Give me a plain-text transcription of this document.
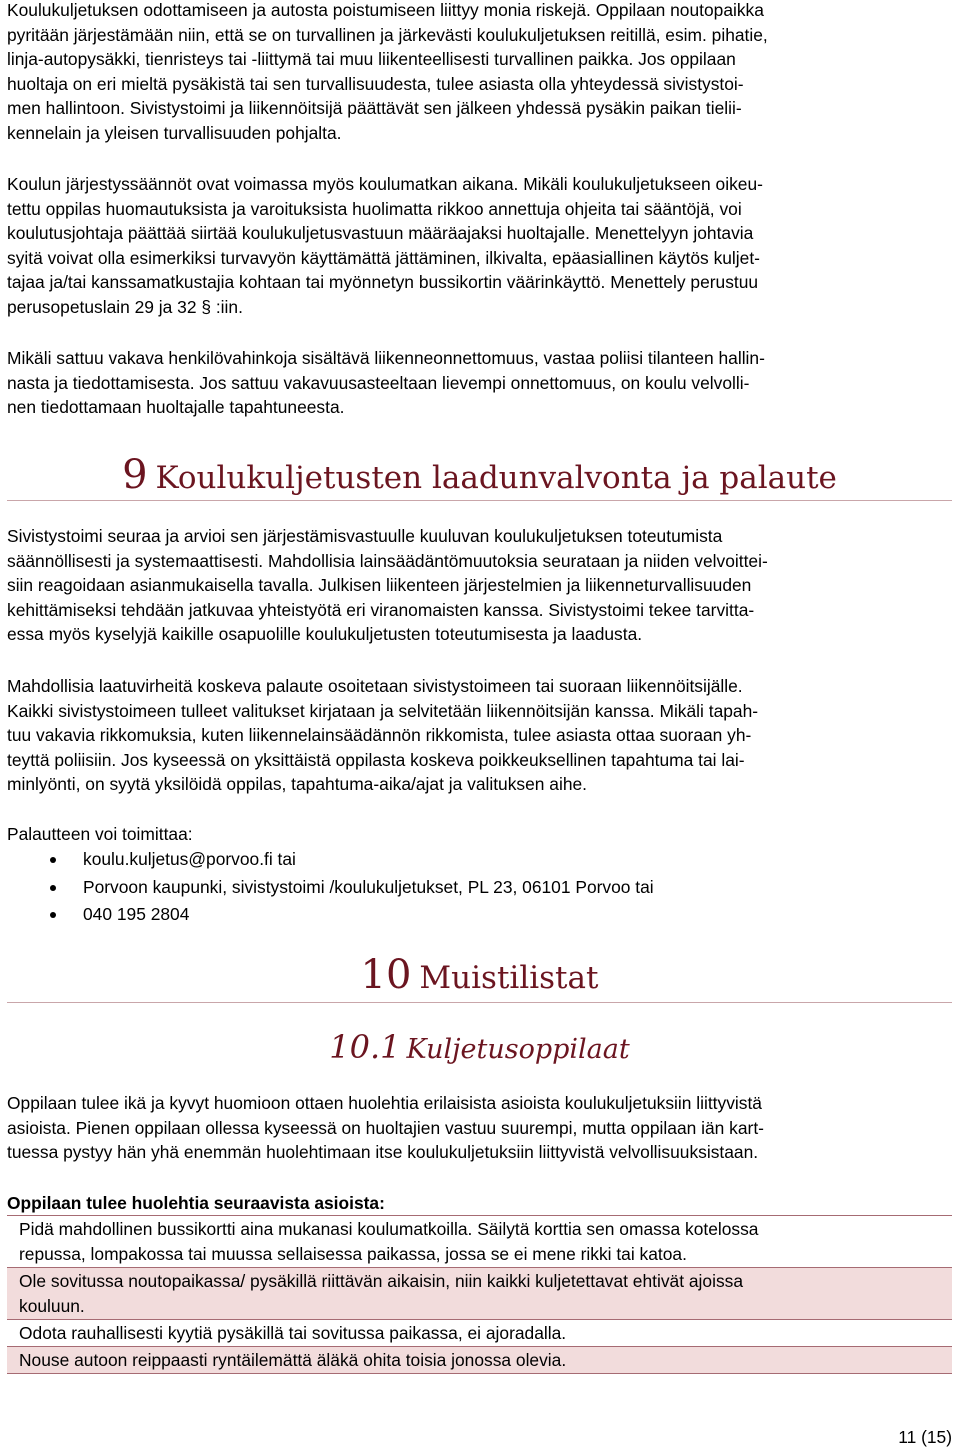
Koulukuljetuksen odottamiseen ja autosta poistumiseen liittyy monia riskejä. Oppilaan noutopaikka
pyritään järjestämään niin, että se on turvallinen ja järkevästi koulukuljetuksen reitillä, esim. pihatie,
linja-autopysäkki, tienristeys tai -liittymä tai muu liikenteellisesti turvallinen paikka. Jos oppilaan
huoltaja on eri mieltä pysäkistä tai sen turvallisuudesta, tulee asiasta olla yhteydessä sivistystoi-
men hallintoon. Sivistystoimi ja liikennöitsijä päättävät sen jälkeen yhdessä pysäkin paikan tielii-
kennelain ja yleisen turvallisuuden pohjalta.
Koulun järjestyssäännöt ovat voimassa myös koulumatkan aikana. Mikäli koulukuljetukseen oikeu-
tettu oppilas huomautuksista ja varoituksista huolimatta rikkoo annettuja ohjeita tai sääntöjä, voi
koulutusjohtaja päättää siirtää koulukuljetusvastuun määräajaksi huoltajalle. Menettelyyn johtavia
syitä voivat olla esimerkiksi turvavyön käyttämättä jättäminen, ilkivalta, epäasiallinen käytös kuljet-
tajaa ja/tai kanssamatkustajia kohtaan tai myönnetyn bussikortin väärinkäyttö. Menettely perustuu
perusopetuslain 29 ja 32 § :iin.
Mikäli sattuu vakava henkilövahinkoja sisältävä liikenneonnettomuus, vastaa poliisi tilanteen hallin-
nasta ja tiedottamisesta. Jos sattuu vakavuusasteeltaan lievempi onnettomuus, on koulu velvolli-
nen tiedottamaan huoltajalle tapahtuneesta.
9 Koulukuljetusten laadunvalvonta ja palaute
Sivistystoimi seuraa ja arvioi sen järjestämisvastuulle kuuluvan koulukuljetuksen toteutumista
säännöllisesti ja systemaattisesti. Mahdollisia lainsäädäntömuutoksia seurataan ja niiden velvoittei-
siin reagoidaan asianmukaisella tavalla. Julkisen liikenteen järjestelmien ja liikenneturvallisuuden
kehittämiseksi tehdään jatkuvaa yhteistyötä eri viranomaisten kanssa. Sivistystoimi tekee tarvitta-
essa myös kyselyjä kaikille osapuolille koulukuljetusten toteutumisesta ja laadusta.
Mahdollisia laatuvirheitä koskeva palaute osoitetaan sivistystoimeen tai suoraan liikennöitsijälle.
Kaikki sivistystoimeen tulleet valitukset kirjataan ja selvitetään liikennöitsijän kanssa. Mikäli tapah-
tuu vakavia rikkomuksia, kuten liikennelainsäädännön rikkomista, tulee asiasta ottaa suoraan yh-
teyttä poliisiin. Jos kyseessä on yksittäistä oppilasta koskeva poikkeuksellinen tapahtuma tai lai-
minlyönti, on syytä yksilöidä oppilas, tapahtuma-aika/ajat ja valituksen aihe.
Palautteen voi toimittaa:
koulu.kuljetus@porvoo.fi tai
Porvoon kaupunki, sivistystoimi /koulukuljetukset, PL 23, 06101 Porvoo tai
040 195 2804
10 Muistilistat
10.1 Kuljetusoppilaat
Oppilaan tulee ikä ja kyvyt huomioon ottaen huolehtia erilaisista asioista koulukuljetuksiin liittyvistä
asioista. Pienen oppilaan ollessa kyseessä on huoltajien vastuu suurempi, mutta oppilaan iän kart-
tuessa pystyy hän yhä enemmän huolehtimaan itse koulukuljetuksiin liittyvistä velvollisuuksistaan.
Oppilaan tulee huolehtia seuraavista asioista:
Pidä mahdollinen bussikortti aina mukanasi koulumatkoilla. Säilytä korttia sen omassa kotelossa
repussa, lompakossa tai muussa sellaisessa paikassa, jossa se ei mene rikki tai katoa.

Ole sovitussa noutopaikassa/ pysäkillä riittävän aikaisin, niin kaikki kuljetettavat ehtivät ajoissa
kouluun.

Odota rauhallisesti kyytiä pysäkillä tai sovitussa paikassa, ei ajoradalla.

Nouse autoon reippaasti ryntäilemättä äläkä ohita toisia jonossa olevia.
11 (15)
